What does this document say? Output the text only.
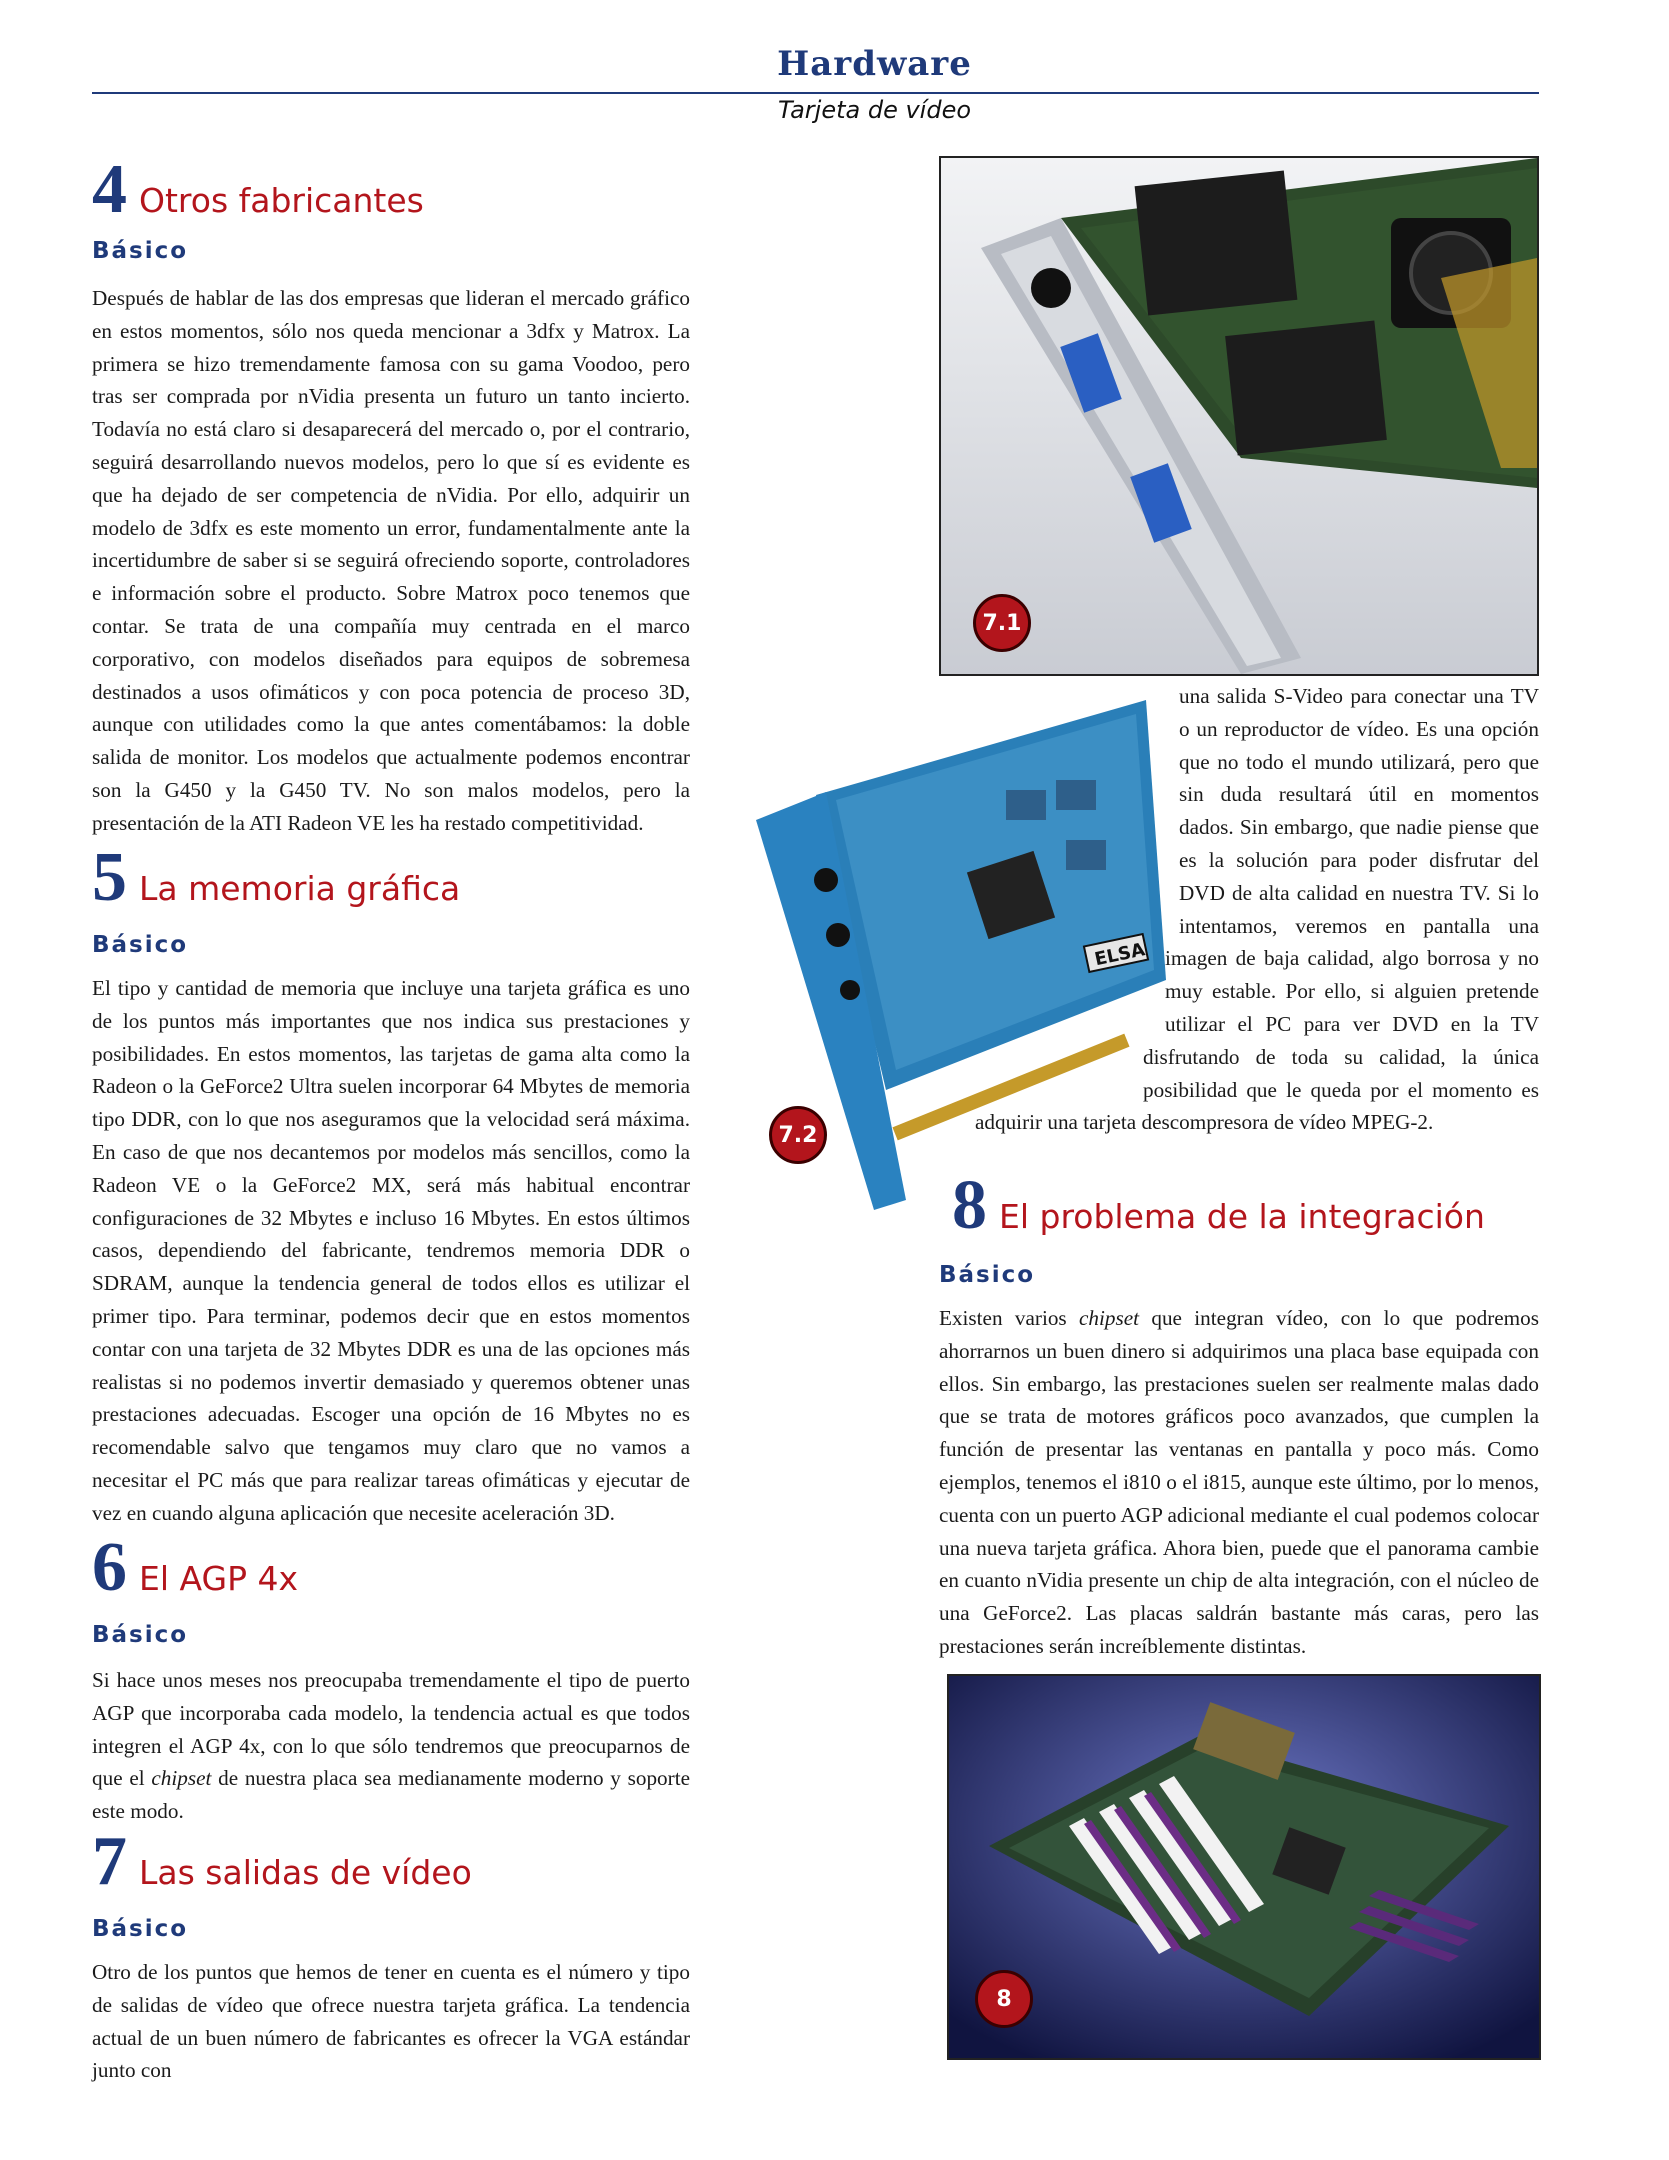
Hardware
Tarjeta de vídeo
4 Otros fabricantes
Básico

Después de hablar de las dos empresas que lideran el mercado gráfico en estos momentos, sólo nos queda mencionar a 3dfx y Matrox. La primera se hizo tremendamente famosa con su gama Voodoo, pero tras ser comprada por nVidia presenta un futuro un tanto incierto. Todavía no está claro si desaparecerá del mercado o, por el contrario, seguirá desarrollando nuevos modelos, pero lo que sí es evidente es que ha dejado de ser competencia de nVidia. Por ello, adquirir un modelo de 3dfx es este momento un error, fundamentalmente ante la incertidumbre de saber si se seguirá ofreciendo soporte, controladores e información sobre el producto. Sobre Matrox poco tenemos que contar. Se trata de una compañía muy centrada en el marco corporativo, con modelos diseñados para equipos de sobremesa destinados a usos ofimáticos y con poca potencia de proceso 3D, aunque con utilidades como la que antes comentábamos: la doble salida de monitor. Los modelos que actualmente podemos encontrar son la G450 y la G450 TV. No son malos modelos, pero la presentación de la ATI Radeon VE les ha restado competitividad.

5 La memoria gráfica
Básico

El tipo y cantidad de memoria que incluye una tarjeta gráfica es uno de los puntos más importantes que nos indica sus prestaciones y posibilidades. En estos momentos, las tarjetas de gama alta como la Radeon o la GeForce2 Ultra suelen incorporar 64 Mbytes de memoria tipo DDR, con lo que nos aseguramos que la velocidad será máxima. En caso de que nos decantemos por modelos más sencillos, como la Radeon VE o la GeForce2 MX, será más habitual encontrar configuraciones de 32 Mbytes e incluso 16 Mbytes. En estos últimos casos, dependiendo del fabricante, tendremos memoria DDR o SDRAM, aunque la tendencia general de todos ellos es utilizar el primer tipo. Para terminar, podemos decir que en estos momentos contar con una tarjeta de 32 Mbytes DDR es una de las opciones más realistas si no podemos invertir demasiado y queremos obtener unas prestaciones adecuadas. Escoger una opción de 16 Mbytes no es recomendable salvo que tengamos muy claro que no vamos a necesitar el PC más que para realizar tareas ofimáticas y ejecutar de vez en cuando alguna aplicación que necesite aceleración 3D.

6 El AGP 4x
Básico

Si hace unos meses nos preocupaba tremendamente el tipo de puerto AGP que incorporaba cada modelo, la tendencia actual es que todos integren el AGP 4x, con lo que sólo tendremos que preocuparnos de que el chipset de nuestra placa sea medianamente moderno y soporte este modo.

7 Las salidas de vídeo
Básico

Otro de los puntos que hemos de tener en cuenta es el número y tipo de salidas de vídeo que ofrece nuestra tarjeta gráfica. La tendencia actual de un buen número de fabricantes es ofrecer la VGA estándar junto con

7.1
ELSA
7.2
una salida S-Video para conectar una TV o un reproductor de vídeo. Es una opción que no todo el mundo utilizará, pero que sin duda resultará útil en momentos dados. Sin embargo, que nadie piense que es la solución para poder disfrutar del DVD de alta calidad en nuestra TV. Si lo intentamos, veremos en pantalla una imagen de baja calidad, algo borrosa y no muy estable. Por ello, si alguien pretende utilizar el PC para ver DVD en la TV disfrutando de toda su calidad, la única posibilidad que le queda por el momento es adquirir una tarjeta descompresora de vídeo MPEG-2.
8 El problema de la integración
Básico

Existen varios chipset que integran vídeo, con lo que podremos ahorrarnos un buen dinero si adquirimos una placa base equipada con ellos. Sin embargo, las prestaciones suelen ser realmente malas dado que se trata de motores gráficos poco avanzados, que cumplen la función de presentar las ventanas en pantalla y poco más. Como ejemplos, tenemos el i810 o el i815, aunque este último, por lo menos, cuenta con un puerto AGP adicional mediante el cual podemos colocar una nueva tarjeta gráfica. Ahora bien, puede que el panorama cambie en cuanto nVidia presente un chip de alta integración, con el núcleo de una GeForce2. Las placas saldrán bastante más caras, pero las prestaciones serán increíblemente distintas.

8
